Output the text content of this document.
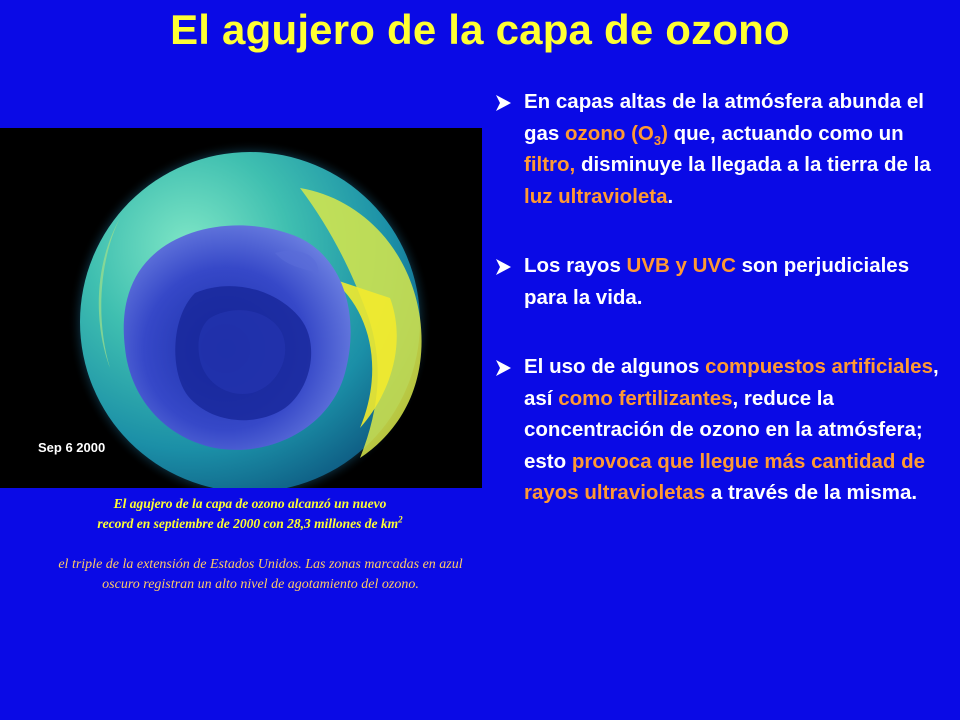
El agujero de la capa de ozono
Sep 6 2000
El agujero de la capa de ozono alcanzó un nuevo
record en septiembre de 2000 con 28,3 millones de $km^2$
el triple de la extensión de Estados Unidos. Las zonas marcadas en azul oscuro registran un alto nivel de agotamiento del ozono.

En capas altas de la atmósfera abunda el gas ozono $(O_3)$ que, actuando como un filtro, disminuye la llegada a la tierra de la luz ultravioleta.

Los rayos UVB y UVC son perjudiciales para la vida.

El uso de algunos compuestos artificiales, así como fertilizantes, reduce la concentración de ozono en la atmósfera; esto provoca que llegue más cantidad de rayos ultravioletas a través de la misma.
